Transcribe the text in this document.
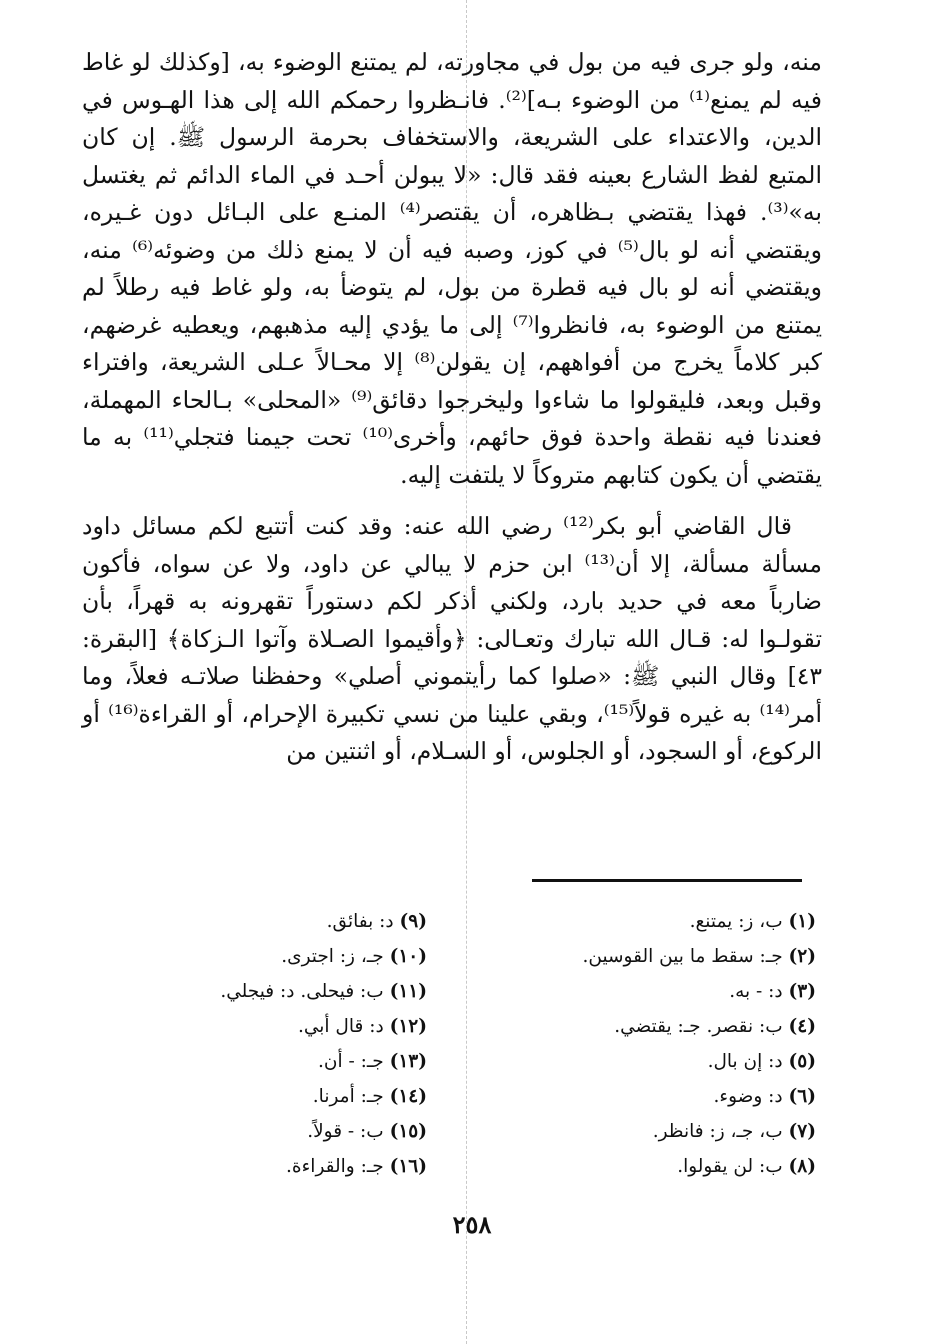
منه، ولو جرى فيه من بول في مجاورته، لم يمتنع الوضوء به، [وكذلك لو غاط فيه لم يمنع⁽¹⁾ من الوضوء بـه]⁽²⁾. فانـظروا رحمكم الله إلى هذا الهـوس في الدين، والاعتداء على الشريعة، والاستخفاف بحرمة الرسول ﷺ. إن كان المتبع لفظ الشارع بعينه فقد قال: «لا يبولن أحـد في الماء الدائم ثم يغتسل به»⁽³⁾. فهذا يقتضي بـظاهره، أن يقتصر⁽⁴⁾ المنـع على البـائل دون غـيره، ويقتضي أنه لو بال⁽⁵⁾ في كوز، وصبه فيه أن لا يمنع ذلك من وضوئه⁽⁶⁾ منه، ويقتضي أنه لو بال فيه قطرة من بول، لم يتوضأ به، ولو غاط فيه رطلاً لم يمتنع من الوضوء به، فانظروا⁽⁷⁾ إلى ما يؤدي إليه مذهبهم، ويعطيه غرضهم، كبر كلاماً يخرج من أفواههم، إن يقولن⁽⁸⁾ إلا محـالاً عـلى الشريعة، وافتراء وقبل وبعد، فليقولوا ما شاءوا وليخرجوا دقائق⁽⁹⁾ «المحلى» بـالحاء المهملة، فعندنا فيه نقطة واحدة فوق حائهم، وأخرى⁽¹⁰⁾ تحت جيمنا فتجلي⁽¹¹⁾ به ما يقتضي أن يكون كتابهم متروكاً لا يلتفت إليه.

قال القاضي أبو بكر⁽¹²⁾ رضي الله عنه: وقد كنت أتتبع لكم مسائل داود مسألة مسألة، إلا أن⁽¹³⁾ ابن حزم لا يبالي عن داود، ولا عن سواه، فأكون ضارباً معه في حديد بارد، ولكني أذكر لكم دستوراً تقهرونه به قهراً، بأن تقولـوا له: قـال الله تبارك وتعـالى: ﴿وأقيموا الصـلاة وآتوا الـزكاة﴾ [البقرة: ٤٣] وقال النبي ﷺ: «صلوا كما رأيتموني أصلي» وحفظنا صلاتـه فعلاً، وما أمر⁽¹⁴⁾ به غيره قولاً⁽¹⁵⁾، وبقي علينا من نسي تكبيرة الإحرام، أو القراءة⁽¹⁶⁾ أو الركوع، أو السجود، أو الجلوس، أو السـلام، أو اثنتين من

(١) ب، ز: يمتنع.
(٢) جـ: سقط ما بين القوسين.
(٣) د: - به.
(٤) ب: نقصر. جـ: يقتضي.
(٥) د: إن بال.
(٦) د: وضوء.
(٧) ب، جـ، ز: فانظر.
(٨) ب: لن يقولوا.
(٩) د: بفائق.
(١٠) جـ، ز: اجترى.
(١١) ب: فيحلى. د: فيجلي.
(١٢) د: قال أبي.
(١٣) جـ: - أن.
(١٤) جـ: أمرنا.
(١٥) ب: - قولاً.
(١٦) جـ: والقراءة.
٢٥٨
